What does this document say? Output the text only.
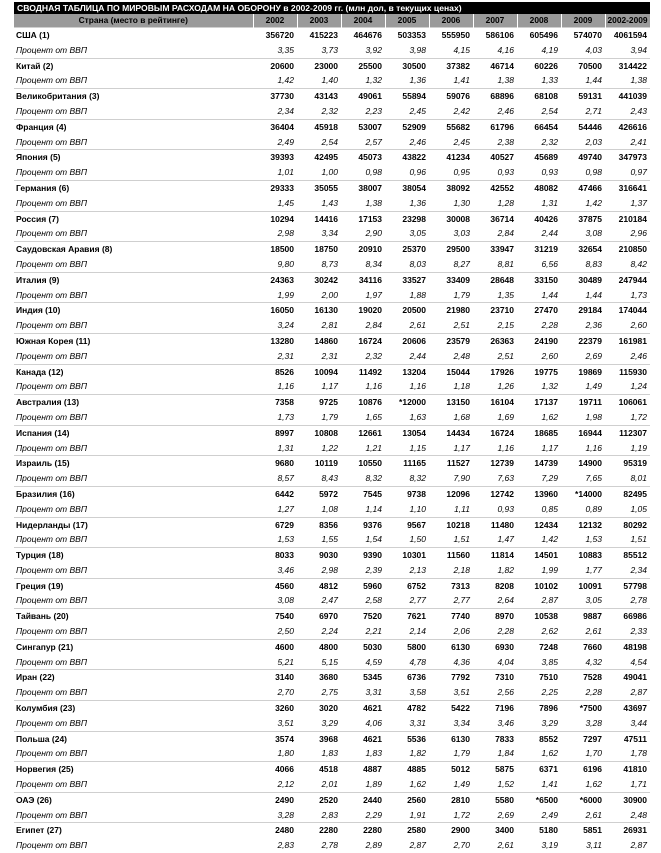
СВОДНАЯ ТАБЛИЦА ПО МИРОВЫМ РАСХОДАМ НА ОБОРОНУ в 2002-2009 гг. (млн дол, в текущих ценах)
Страна (место в рейтинге)	2002	2003	2004	2005	2006	2007	2008	2009	2002-2009
США (1)	356720	415223	464676	503353	555950	586106	605496	574070	4061594
Процент от ВВП	3,35	3,73	3,92	3,98	4,15	4,16	4,19	4,03	3,94
Китай (2)	20600	23000	25500	30500	37382	46714	60226	70500	314422
Процент от ВВП	1,42	1,40	1,32	1,36	1,41	1,38	1,33	1,44	1,38
Великобритания (3)	37730	43143	49061	55894	59076	68896	68108	59131	441039
Процент от ВВП	2,34	2,32	2,23	2,45	2,42	2,46	2,54	2,71	2,43
Франция (4)	36404	45918	53007	52909	55682	61796	66454	54446	426616
Процент от ВВП	2,49	2,54	2,57	2,46	2,45	2,38	2,32	2,03	2,41
Япония (5)	39393	42495	45073	43822	41234	40527	45689	49740	347973
Процент от ВВП	1,01	1,00	0,98	0,96	0,95	0,93	0,93	0,98	0,97
Германия (6)	29333	35055	38007	38054	38092	42552	48082	47466	316641
Процент от ВВП	1,45	1,43	1,38	1,36	1,30	1,28	1,31	1,42	1,37
Россия (7)	10294	14416	17153	23298	30008	36714	40426	37875	210184
Процент от ВВП	2,98	3,34	2,90	3,05	3,03	2,84	2,44	3,08	2,96
Саудовская Аравия (8)	18500	18750	20910	25370	29500	33947	31219	32654	210850
Процент от ВВП	9,80	8,73	8,34	8,03	8,27	8,81	6,56	8,83	8,42
Италия (9)	24363	30242	34116	33527	33409	28648	33150	30489	247944
Процент от ВВП	1,99	2,00	1,97	1,88	1,79	1,35	1,44	1,44	1,73
Индия (10)	16050	16130	19020	20500	21980	23710	27470	29184	174044
Процент от ВВП	3,24	2,81	2,84	2,61	2,51	2,15	2,28	2,36	2,60
Южная Корея (11)	13280	14860	16724	20606	23579	26363	24190	22379	161981
Процент от ВВП	2,31	2,31	2,32	2,44	2,48	2,51	2,60	2,69	2,46
Канада (12)	8526	10094	11492	13204	15044	17926	19775	19869	115930
Процент от ВВП	1,16	1,17	1,16	1,16	1,18	1,26	1,32	1,49	1,24
Австралия (13)	7358	9725	10876	*12000	13150	16104	17137	19711	106061
Процент от ВВП	1,73	1,79	1,65	1,63	1,68	1,69	1,62	1,98	1,72
Испания (14)	8997	10808	12661	13054	14434	16724	18685	16944	112307
Процент от ВВП	1,31	1,22	1,21	1,15	1,17	1,16	1,17	1,16	1,19
Израиль (15)	9680	10119	10550	11165	11527	12739	14739	14900	95319
Процент от ВВП	8,57	8,43	8,32	8,32	7,90	7,63	7,29	7,65	8,01
Бразилия (16)	6442	5972	7545	9738	12096	12742	13960	*14000	82495
Процент от ВВП	1,27	1,08	1,14	1,10	1,11	0,93	0,85	0,89	1,05
Нидерланды (17)	6729	8356	9376	9567	10218	11480	12434	12132	80292
Процент от ВВП	1,53	1,55	1,54	1,50	1,51	1,47	1,42	1,53	1,51
Турция (18)	8033	9030	9390	10301	11560	11814	14501	10883	85512
Процент от ВВП	3,46	2,98	2,39	2,13	2,18	1,82	1,99	1,77	2,34
Греция (19)	4560	4812	5960	6752	7313	8208	10102	10091	57798
Процент от ВВП	3,08	2,47	2,58	2,77	2,77	2,64	2,87	3,05	2,78
Тайвань (20)	7540	6970	7520	7621	7740	8970	10538	9887	66986
Процент от ВВП	2,50	2,24	2,21	2,14	2,06	2,28	2,62	2,61	2,33
Сингапур (21)	4600	4800	5030	5800	6130	6930	7248	7660	48198
Процент от ВВП	5,21	5,15	4,59	4,78	4,36	4,04	3,85	4,32	4,54
Иран (22)	3140	3680	5345	6736	7792	7310	7510	7528	49041
Процент от ВВП	2,70	2,75	3,31	3,58	3,51	2,56	2,25	2,28	2,87
Колумбия (23)	3260	3020	4621	4782	5422	7196	7896	*7500	43697
Процент от ВВП	3,51	3,29	4,06	3,31	3,34	3,46	3,29	3,28	3,44
Польша (24)	3574	3968	4621	5536	6130	7833	8552	7297	47511
Процент от ВВП	1,80	1,83	1,83	1,82	1,79	1,84	1,62	1,70	1,78
Норвегия (25)	4066	4518	4887	4885	5012	5875	6371	6196	41810
Процент от ВВП	2,12	2,01	1,89	1,62	1,49	1,52	1,41	1,62	1,71
ОАЭ (26)	2490	2520	2440	2560	2810	5580	*6500	*6000	30900
Процент от ВВП	3,28	2,83	2,29	1,91	1,72	2,69	2,49	2,61	2,48
Египет (27)	2480	2280	2280	2580	2900	3400	5180	5851	26931
Процент от ВВП	2,83	2,78	2,89	2,87	2,70	2,61	3,19	3,11	2,87
